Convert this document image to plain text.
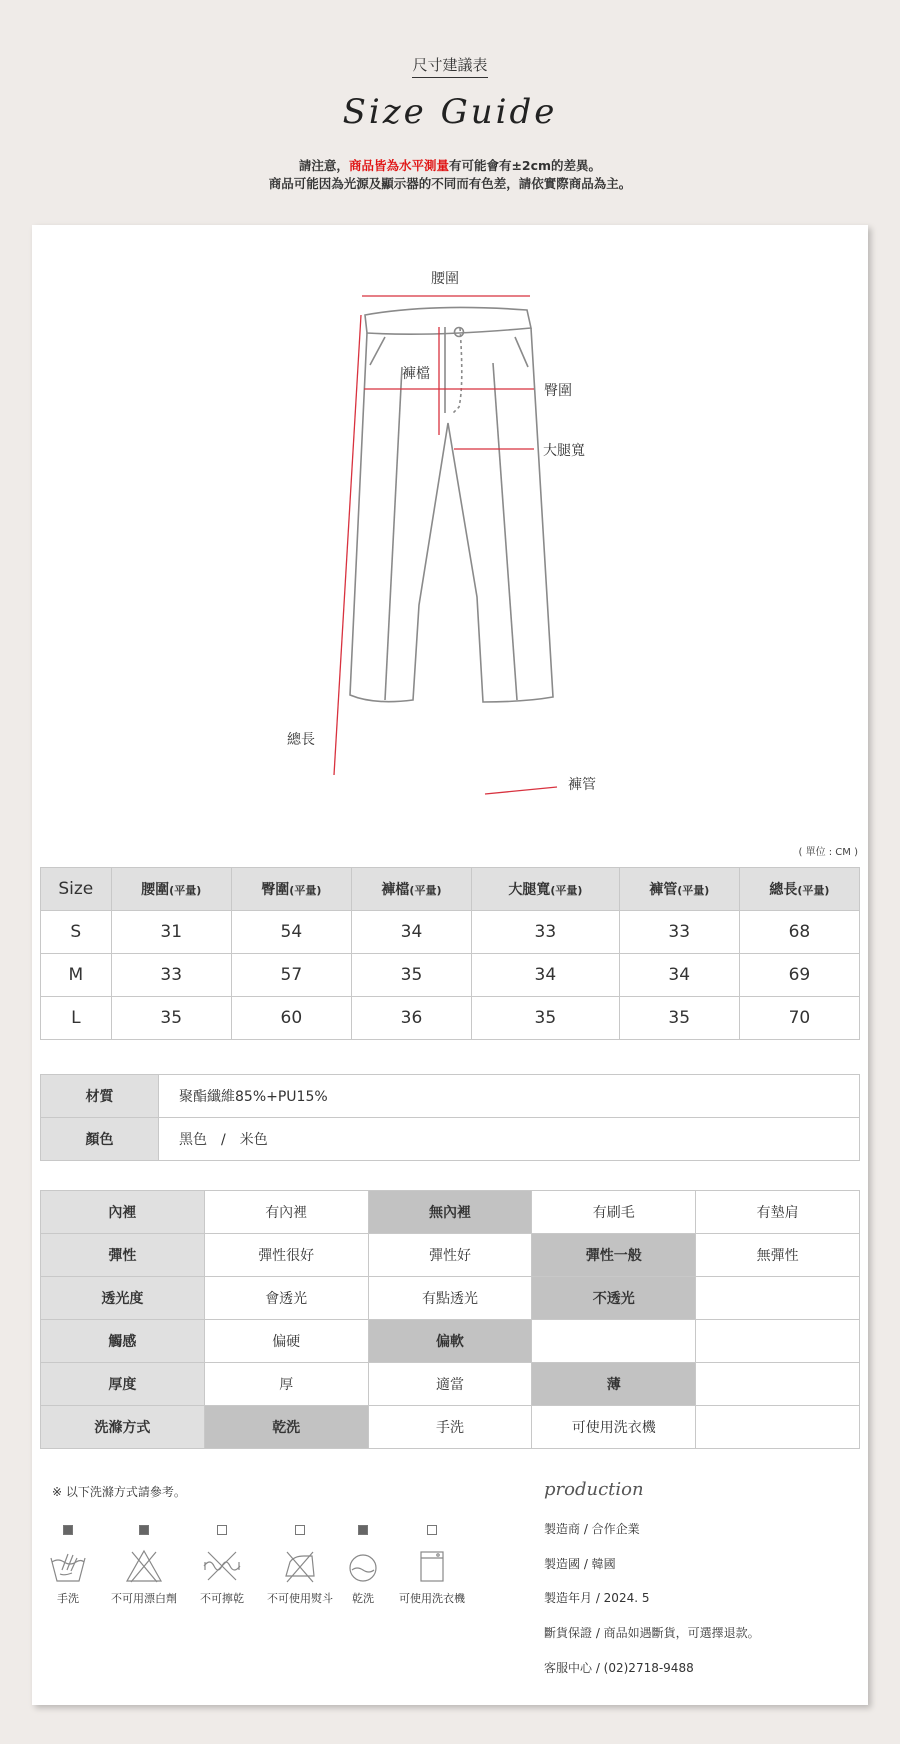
尺寸建議表
Size Guide
請注意，商品皆為水平測量有可能會有±2cm的差異。
商品可能因為光源及顯示器的不同而有色差，請依實際商品為主。
腰圍
褲檔
臀圍
大腿寬
總長
褲管
( 單位 : CM )
Size	腰圍(平量)	臀圍(平量)	褲檔(平量)	大腿寬(平量)	褲管(平量)	總長(平量)
S	31	54	34	33	33	68
M	33	57	35	34	34	69
L	35	60	36	35	35	70
材質	聚酯纖維85%+PU15%
顏色	黑色　/　米色
內裡	有內裡	無內裡	有刷毛	有墊肩
彈性	彈性很好	彈性好	彈性一般	無彈性
透光度	會透光	有點透光	不透光	
觸感	偏硬	偏軟		
厚度	厚	適當	薄	
洗滌方式	乾洗	手洗	可使用洗衣機	
※ 以下洗滌方式請參考。
手洗	不可用漂白劑	不可擰乾	不可使用熨斗	乾洗	可使用洗衣機
production
製造商 / 合作企業
製造國 / 韓國
製造年月 / 2024. 5
斷貨保證 / 商品如遇斷貨，可選擇退款。
客服中心 / (02)2718-9488
